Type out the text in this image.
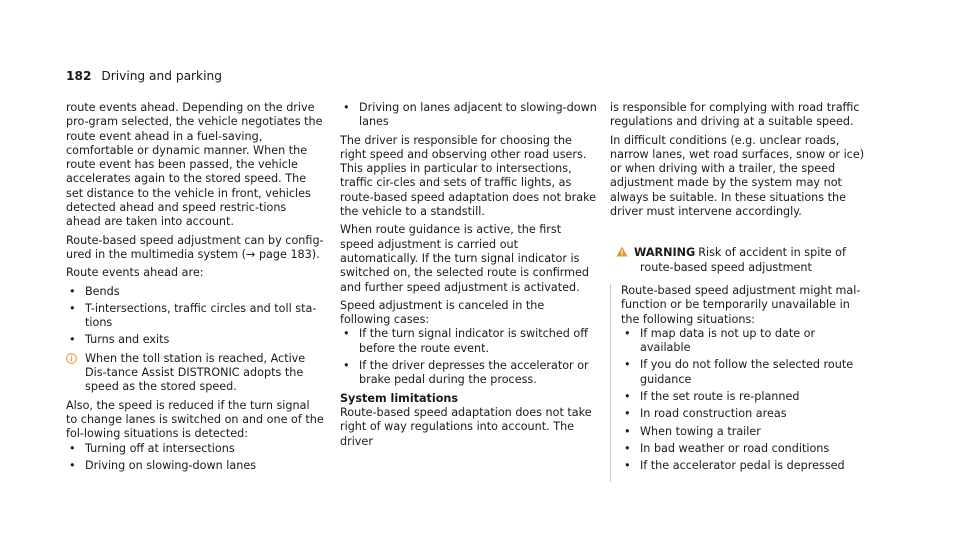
182 Driving and parking

route events ahead. Depending on the drive pro-gram selected, the vehicle negotiates the route event ahead in a fuel-saving, comfortable or dynamic manner. When the route event has been passed, the vehicle accelerates again to the stored speed. The set distance to the vehicle in front, vehicles detected ahead and speed restric-tions ahead are taken into account.

Route-based speed adjustment can by config-ured in the multimedia system (→ page 183).

Route events ahead are:

• Bends
• T-intersections, traffic circles and toll sta-tions
• Turns and exits
When the toll station is reached, Active Dis-tance Assist DISTRONIC adopts the speed as the stored speed.

Also, the speed is reduced if the turn signal to change lanes is switched on and one of the fol-lowing situations is detected:

• Turning off at intersections
• Driving on slowing-down lanes
• Driving on lanes adjacent to slowing-down lanes

The driver is responsible for choosing the right speed and observing other road users. This applies in particular to intersections, traffic cir-cles and sets of traffic lights, as route-based speed adaptation does not brake the vehicle to a standstill.

When route guidance is active, the first speed adjustment is carried out automatically. If the turn signal indicator is switched on, the selected route is confirmed and further speed adjustment is activated.

Speed adjustment is canceled in the following cases:

• If the turn signal indicator is switched off before the route event.
• If the driver depresses the accelerator or brake pedal during the process.
System limitations

Route-based speed adaptation does not take right of way regulations into account. The driver

is responsible for complying with road traffic regulations and driving at a suitable speed.

In difficult conditions (e.g. unclear roads, narrow lanes, wet road surfaces, snow or ice) or when driving with a trailer, the speed adjustment made by the system may not always be suitable. In these situations the driver must intervene accordingly.

WARNING Risk of accident in spite of
route-based speed adjustment

Route-based speed adjustment might mal-function or be temporarily unavailable in the following situations:

• If map data is not up to date or available
• If you do not follow the selected route guidance
• If the set route is re-planned
• In road construction areas
• When towing a trailer
• In bad weather or road conditions
• If the accelerator pedal is depressed
